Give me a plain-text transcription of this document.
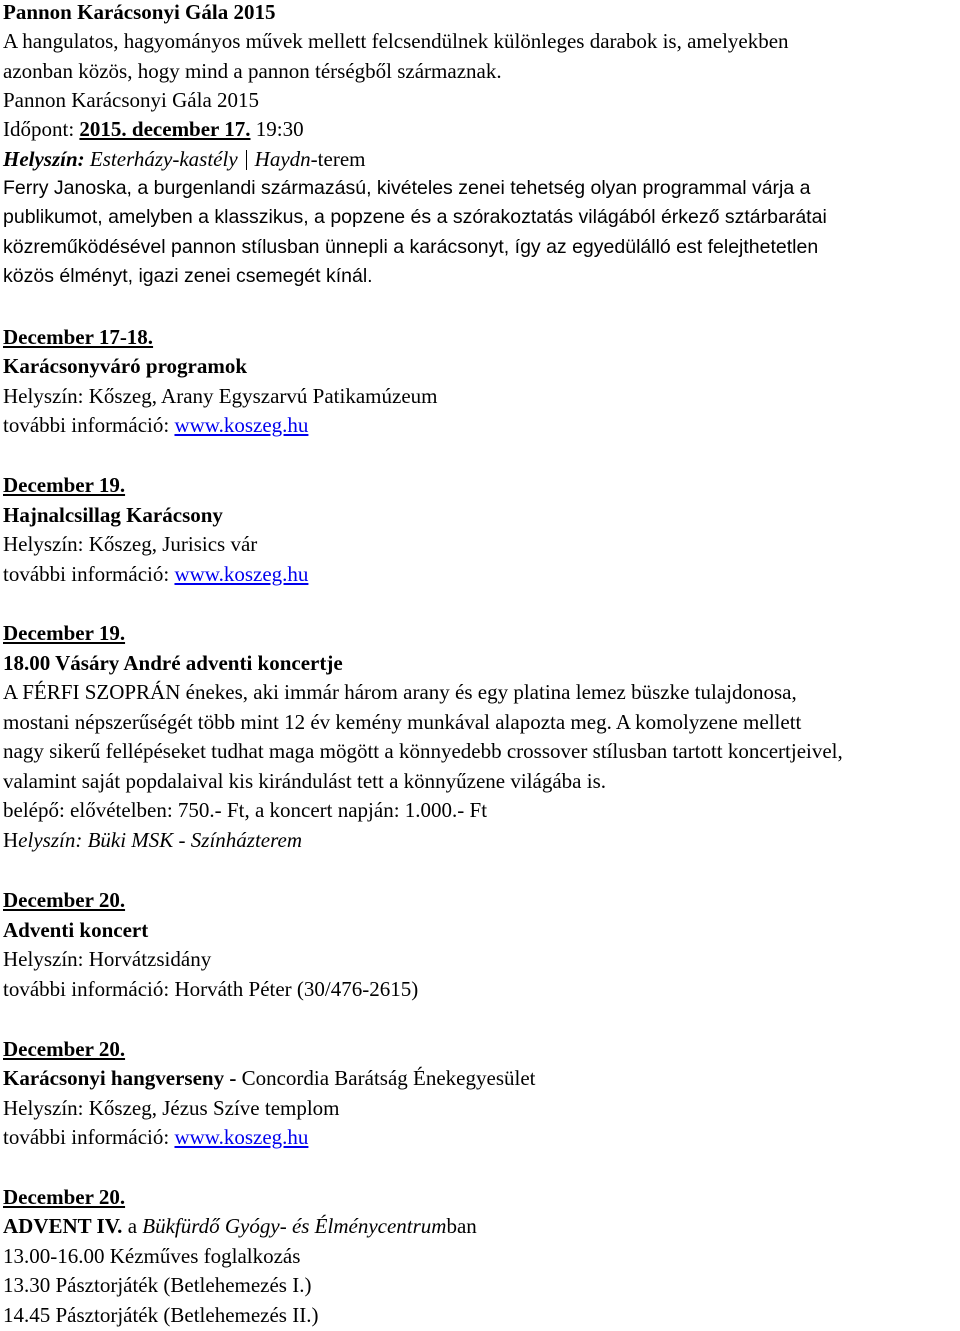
Pannon Karácsonyi Gála 2015
A hangulatos, hagyományos művek mellett felcsendülnek különleges darabok is, amelyekben
azonban közös, hogy mind a pannon térségből származnak.
Pannon Karácsonyi Gála 2015
Időpont: 2015. december 17. 19:30
Helyszín: Esterházy-kastély Haydn-terem
Ferry Janoska, a burgenlandi származású, kivételes zenei tehetség olyan programmal várja a
publikumot, amelyben a klasszikus, a popzene és a szórakoztatás világából érkező sztárbarátai
közreműködésével pannon stílusban ünnepli a karácsonyt, így az egyedülálló est felejthetetlen
közös élményt, igazi zenei csemegét kínál.
December 17-18.
Karácsonyváró programok
Helyszín: Kőszeg, Arany Egyszarvú Patikamúzeum
további információ: www.koszeg.hu
December 19.
Hajnalcsillag Karácsony
Helyszín: Kőszeg, Jurisics vár
további információ: www.koszeg.hu
December 19.
18.00 Vásáry André adventi koncertje
A FÉRFI SZOPRÁN énekes, aki immár három arany és egy platina lemez büszke tulajdonosa,
mostani népszerűségét több mint 12 év kemény munkával alapozta meg. A komolyzene mellett
nagy sikerű fellépéseket tudhat maga mögött a könnyedebb crossover stílusban tartott koncertjeivel,
valamint saját popdalaival kis kirándulást tett a könnyűzene világába is.
belépő: elővételben: 750.- Ft, a koncert napján: 1.000.- Ft
Helyszín: Büki MSK - Színházterem
December 20.
Adventi koncert
Helyszín: Horvátzsidány
további információ: Horváth Péter (30/476-2615)
December 20.
Karácsonyi hangverseny - Concordia Barátság Énekegyesület
Helyszín: Kőszeg, Jézus Szíve templom
további információ: www.koszeg.hu
December 20.
ADVENT IV. a Bükfürdő Gyógy- és Élménycentrumban
13.00-16.00 Kézműves foglalkozás
13.30 Pásztorjáték (Betlehemezés I.)
14.45 Pásztorjáték (Betlehemezés II.)
